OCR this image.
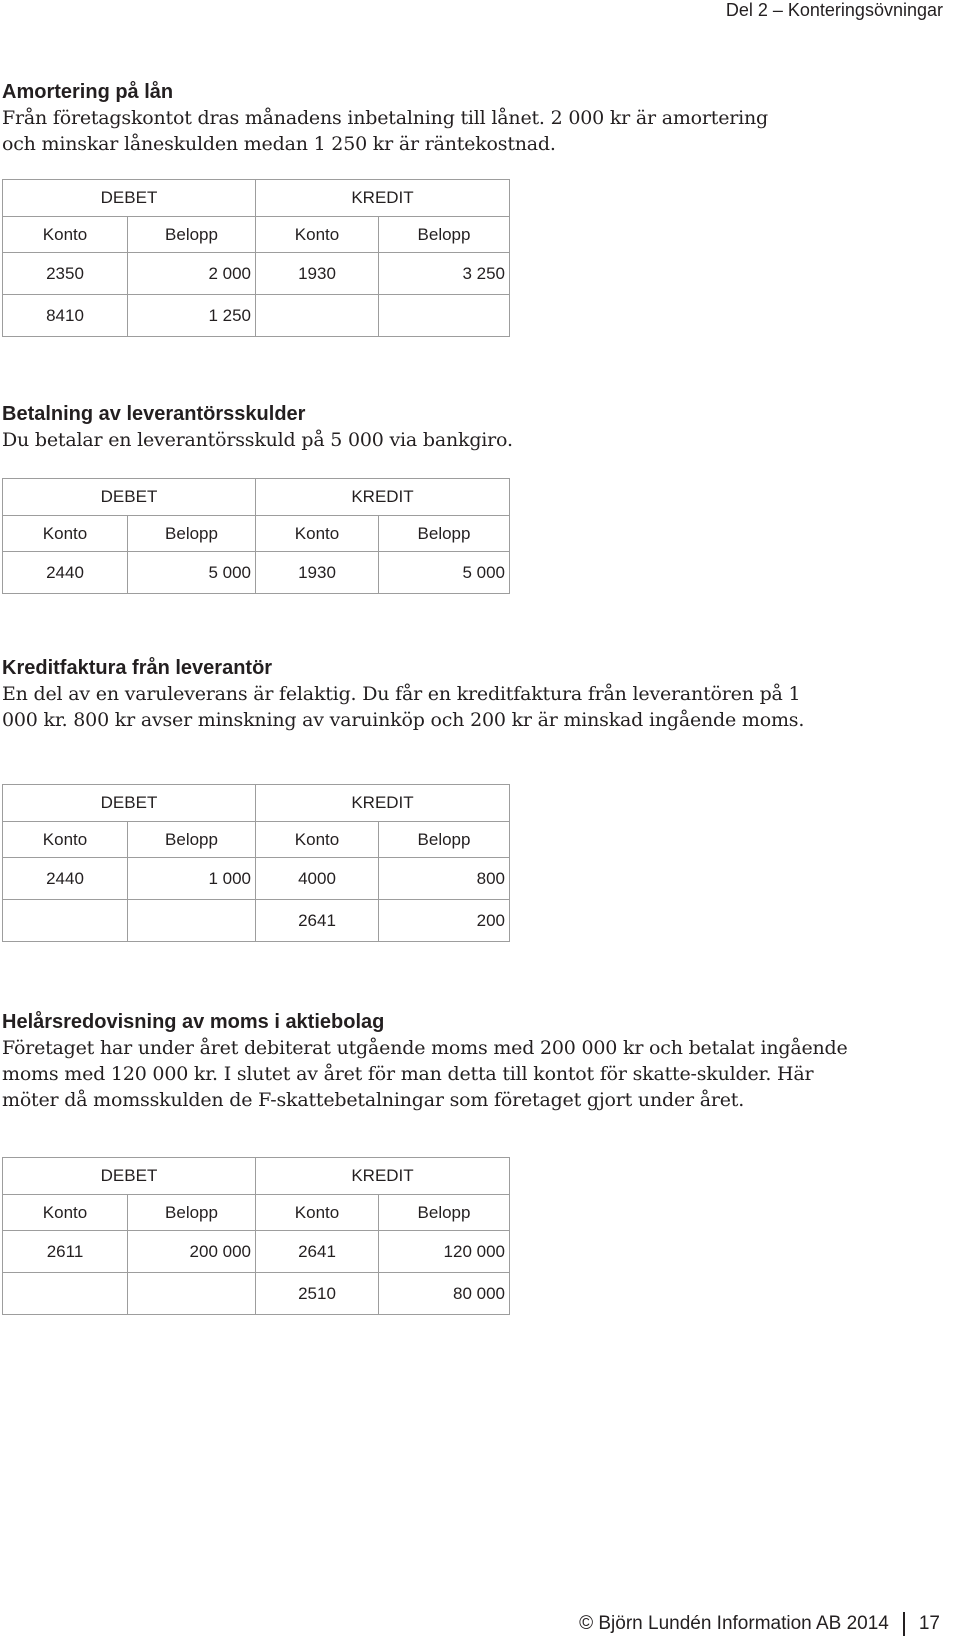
Del 2 – Konteringsövningar

Amortering på lån

Från företagskontot dras månadens inbetalning till lånet. 2 000 kr är amortering och minskar låneskulden medan 1 250 kr är räntekostnad.

DEBET		KREDIT	
Konto	Belopp	Konto	Belopp
2350	2 000	1930	3 250
8410	1 250		

Betalning av leverantörsskulder

Du betalar en leverantörsskuld på 5 000 via bankgiro.

DEBET		KREDIT	
Konto	Belopp	Konto	Belopp
2440	5 000	1930	5 000

Kreditfaktura från leverantör

En del av en varuleverans är felaktig. Du får en kreditfaktura från leverantören på 1 000 kr. 800 kr avser minskning av varuinköp och 200 kr är minskad ingående moms.

DEBET		KREDIT	
Konto	Belopp	Konto	Belopp
2440	1 000	4000	800
		2641	200

Helårsredovisning av moms i aktiebolag

Företaget har under året debiterat utgående moms med 200 000 kr och betalat ingående moms med 120 000 kr. I slutet av året för man detta till kontot för skatte-skulder. Här möter då momsskulden de F-skattebetalningar som företaget gjort under året.

DEBET		KREDIT	
Konto	Belopp	Konto	Belopp
2611	200 000	2641	120 000
		2510	80 000
© Björn Lundén Information AB 2014 17
